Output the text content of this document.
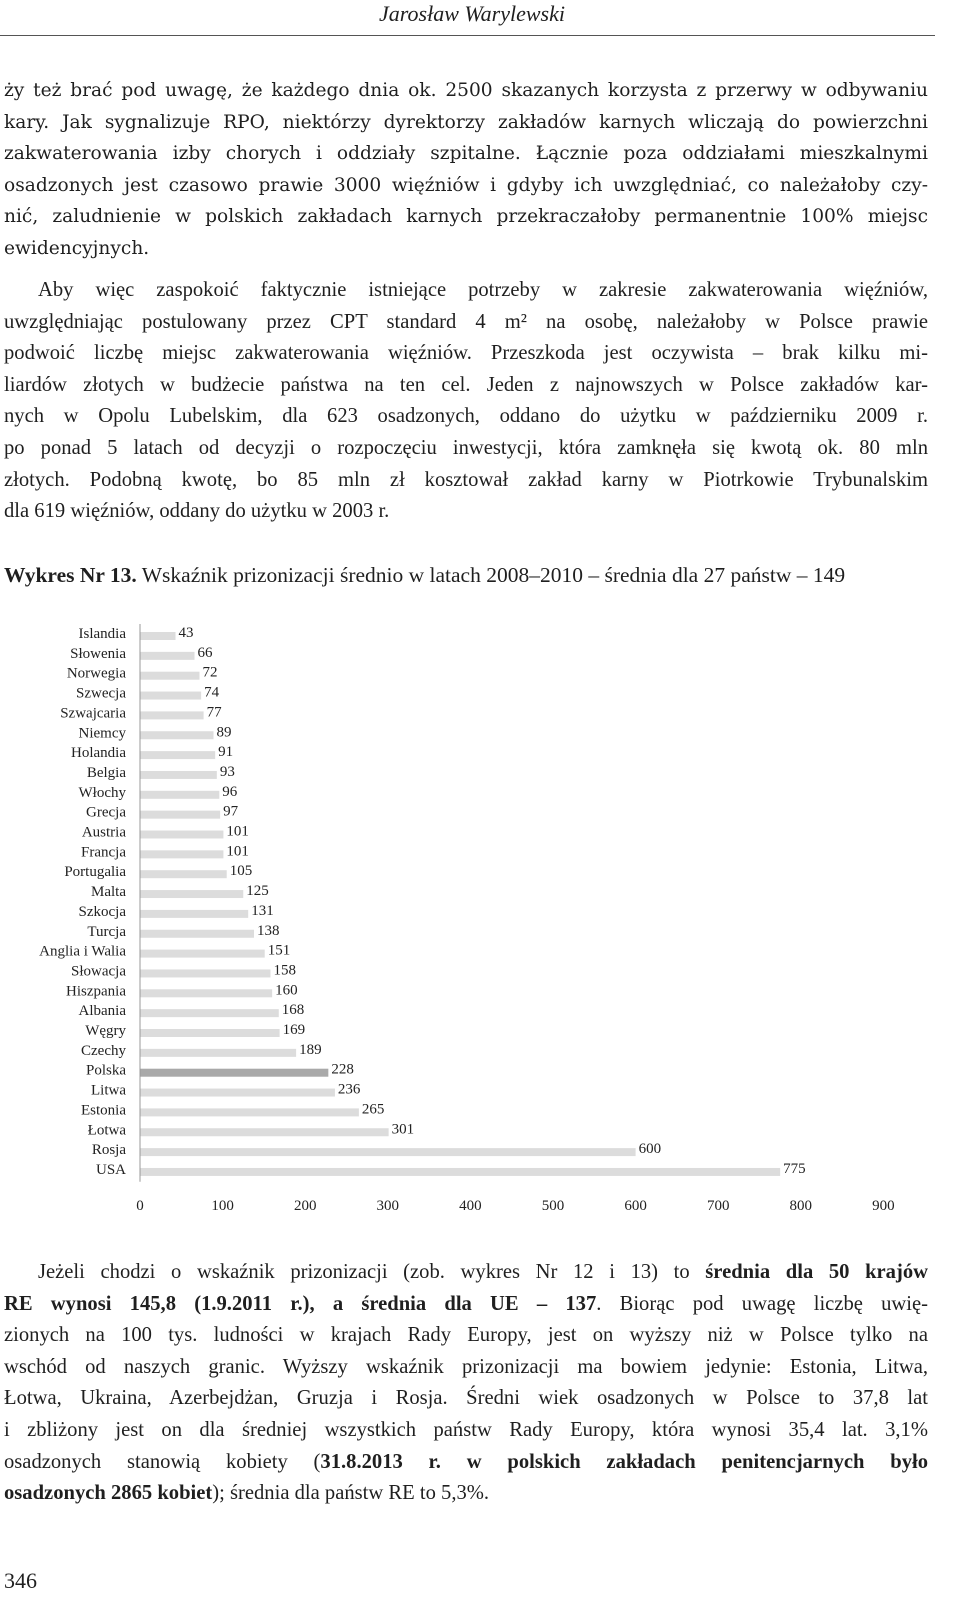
Jarosław Warylewski

ży też brać pod uwagę, że każdego dnia ok. 2500 skazanych korzysta z przerwy w odbywaniu
kary. Jak sygnalizuje RPO, niektórzy dyrektorzy zakładów karnych wliczają do powierzchni
zakwaterowania izby chorych i oddziały szpitalne. Łącznie poza oddziałami mieszkalnymi
osadzonych jest czasowo prawie 3000 więźniów i gdyby ich uwzględniać, co należałoby czy-
nić, zaludnienie w polskich zakładach karnych przekraczałoby permanentnie 100% miejsc
ewidencyjnych.

Aby więc zaspokoić faktycznie istniejące potrzeby w zakresie zakwaterowania więźniów,
uwzględniając postulowany przez CPT standard 4 m² na osobę, należałoby w Polsce prawie
podwoić liczbę miejsc zakwaterowania więźniów. Przeszkoda jest oczywista – brak kilku mi-
liardów złotych w budżecie państwa na ten cel. Jeden z najnowszych w Polsce zakładów kar-
nych w Opolu Lubelskim, dla 623 osadzonych, oddano do użytku w październiku 2009 r.
po ponad 5 latach od decyzji o rozpoczęciu inwestycji, która zamknęła się kwotą ok. 80 mln
złotych. Podobną kwotę, bo 85 mln zł kosztował zakład karny w Piotrkowie Trybunalskim
dla 619 więźniów, oddany do użytku w 2003 r.

Wykres Nr 13. Wskaźnik prizonizacji średnio w latach 2008–2010 – średnia dla 27 państw – 149
Islandia	43
Słowenia	66
Norwegia	72
Szwecja	74
Szwajcaria	77
Niemcy	89
Holandia	91
Belgia	93
Włochy	96
Grecja	97
Austria	101
Francja	101
Portugalia	105
Malta	125
Szkocja	131
Turcja	138
Anglia i Walia	151
Słowacja	158
Hiszpania	160
Albania	168
Węgry	169
Czechy	189
Polska	228
Litwa	236
Estonia	265
Łotwa	301
Rosja	600
USA	775
0	100	200	300	400	500	600	700	800	900

Jeżeli chodzi o wskaźnik prizonizacji (zob. wykres Nr 12 i 13) to średnia dla 50 krajów
RE wynosi 145,8 (1.9.2011 r.), a średnia dla UE – 137. Biorąc pod uwagę liczbę uwię-
zionych na 100 tys. ludności w krajach Rady Europy, jest on wyższy niż w Polsce tylko na
wschód od naszych granic. Wyższy wskaźnik prizonizacji ma bowiem jedynie: Estonia, Litwa,
Łotwa, Ukraina, Azerbejdżan, Gruzja i Rosja. Średni wiek osadzonych w Polsce to 37,8 lat
i zbliżony jest on dla średniej wszystkich państw Rady Europy, która wynosi 35,4 lat. 3,1%
osadzonych stanowią kobiety (31.8.2013 r. w polskich zakładach penitencjarnych było
osadzonych 2865 kobiet); średnia dla państw RE to 5,3%.

346
